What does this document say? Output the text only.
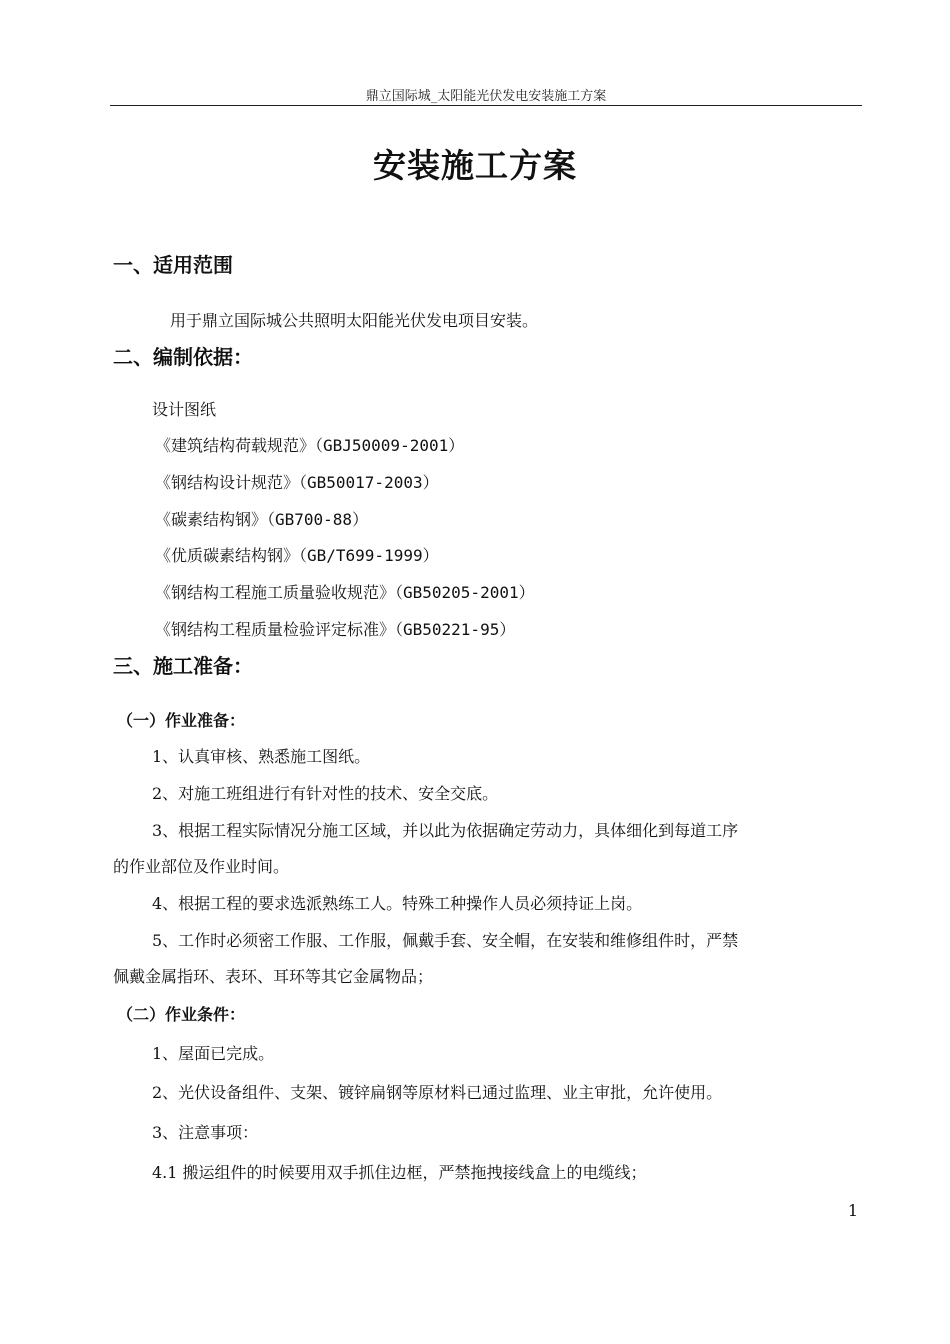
鼎立国际城_太阳能光伏发电安装施工方案
安装施工方案
一、适用范围
用于鼎立国际城公共照明太阳能光伏发电项目安装。
二、编制依据：
设计图纸
《建筑结构荷载规范》（GBJ50009-2001）
《钢结构设计规范》（GB50017-2003）
《碳素结构钢》（GB700-88）
《优质碳素结构钢》（GB/T699-1999）
《钢结构工程施工质量验收规范》（GB50205-2001）
《钢结构工程质量检验评定标准》（GB50221-95）
三、施工准备：
（一）作业准备：
1、认真审核、熟悉施工图纸。
2、对施工班组进行有针对性的技术、安全交底。
3、根据工程实际情况分施工区域，并以此为依据确定劳动力，具体细化到每道工序
的作业部位及作业时间。
4、根据工程的要求选派熟练工人。特殊工种操作人员必须持证上岗。
5、工作时必须密工作服、工作服，佩戴手套、安全帽，在安装和维修组件时，严禁
佩戴金属指环、表环、耳环等其它金属物品；
（二）作业条件：
1、屋面已完成。
2、光伏设备组件、支架、镀锌扁钢等原材料已通过监理、业主审批，允许使用。
3、注意事项：
4.1 搬运组件的时候要用双手抓住边框，严禁拖拽接线盒上的电缆线；
1
